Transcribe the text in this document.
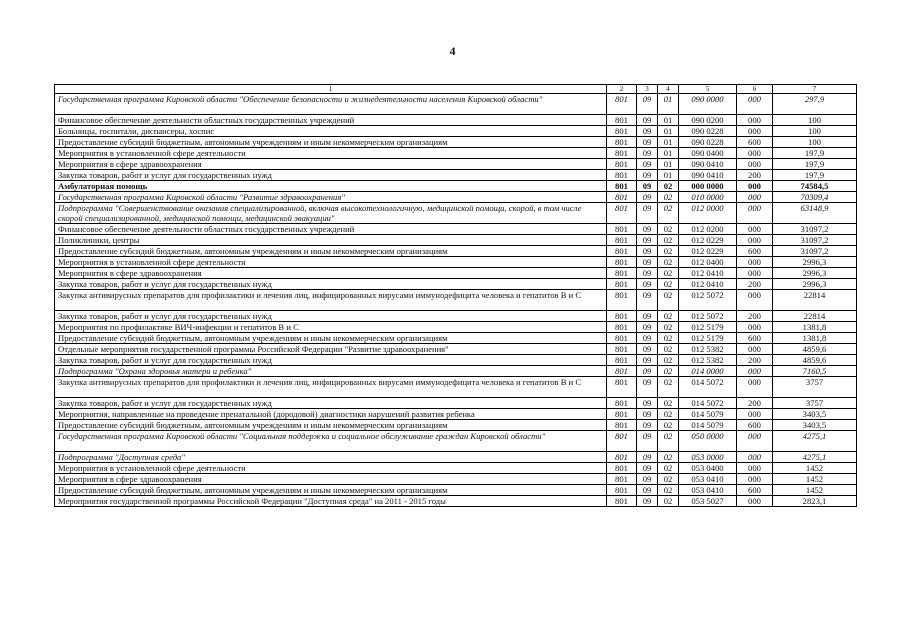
4
1	2	3	4	5	6	7
Государственная программа Кировской области "Обеспечение безопасности и жизнедеятельности населения Кировской области"	801	09	01	090 0000	000	297,9
Финансовое обеспечение деятельности областных государственных учреждений	801	09	01	090 0200	000	100
Больницы, госпитали, диспансеры, хоспис	801	09	01	090 0228	000	100
Предоставление субсидий бюджетным, автономным учреждениям и иным некоммерческим организациям	801	09	01	090 0228	600	100
Мероприятия в установленной сфере деятельности	801	09	01	090 0400	000	197,9
Мероприятия в сфере здравоохранения	801	09	01	090 0410	000	197,9
Закупка товаров, работ и услуг для государственных нужд	801	09	01	090 0410	200	197,9
Амбулаторная помощь	801	09	02	000 0000	000	74584,5
Государственная программа Кировской области "Развитие здравоохранения"	801	09	02	010 0000	000	70309,4
Подпрограмма "Совершенствование оказания специализированной, включая высокотехнологичную, медицинской помощи, скорой, в том числе скорой специализированной, медицинской помощи, медицинской эвакуации"	801	09	02	012 0000	000	63148,9
Финансовое обеспечение деятельности областных государственных учреждений	801	09	02	012 0200	000	31097,2
Поликлиники, центры	801	09	02	012 0229	000	31097,2
Предоставление субсидий бюджетным, автономным учреждениям и иным некоммерческим организациям	801	09	02	012 0229	600	31097,2
Мероприятия в установленной сфере деятельности	801	09	02	012 0400	000	2996,3
Мероприятия в сфере здравоохранения	801	09	02	012 0410	000	2996,3
Закупка товаров, работ и услуг для государственных нужд	801	09	02	012 0410	200	2996,3
Закупка антивирусных препаратов для профилактики и лечения лиц, инфицированных вирусами иммунодефицита человека и гепатитов В и С	801	09	02	012 5072	000	22814
Закупка товаров, работ и услуг для государственных нужд	801	09	02	012 5072	200	22814
Мероприятия по профилактике ВИЧ-инфекции и гепатитов В и С	801	09	02	012 5179	000	1381,8
Предоставление субсидий бюджетным, автономным учреждениям и иным некоммерческим организациям	801	09	02	012 5179	600	1381,8
Отдельные мероприятия государственной программы Российской Федерации "Развитие здравоохранения"	801	09	02	012 5382	000	4859,6
Закупка товаров, работ и услуг для государственных нужд	801	09	02	012 5382	200	4859,6
Подпрограмма "Охрана здоровья матери и ребенка"	801	09	02	014 0000	000	7160,5
Закупка антивирусных препаратов для профилактики и лечения лиц, инфицированных вирусами иммунодефицита человека и гепатитов В и С	801	09	02	014 5072	000	3757
Закупка товаров, работ и услуг для государственных нужд	801	09	02	014 5072	200	3757
Мероприятия, направленные на проведение пренатальной (дородовой) диагностики нарушений развития ребенка	801	09	02	014 5079	000	3403,5
Предоставление субсидий бюджетным, автономным учреждениям и иным некоммерческим организациям	801	09	02	014 5079	600	3403,5
Государственная программа Кировской области "Социальная поддержка и социальное обслуживание граждан Кировской области"	801	09	02	050 0000	000	4275,1
Подпрограмма "Доступная среда"	801	09	02	053 0000	000	4275,1
Мероприятия в установленной сфере деятельности	801	09	02	053 0400	000	1452
Мероприятия в сфере здравоохранения	801	09	02	053 0410	000	1452
Предоставление субсидий бюджетным, автономным учреждениям и иным некоммерческим организациям	801	09	02	053 0410	600	1452
Мероприятия государственной программы Российской Федерации "Доступная среда" на 2011 - 2015 годы	801	09	02	053 5027	000	2823,1
